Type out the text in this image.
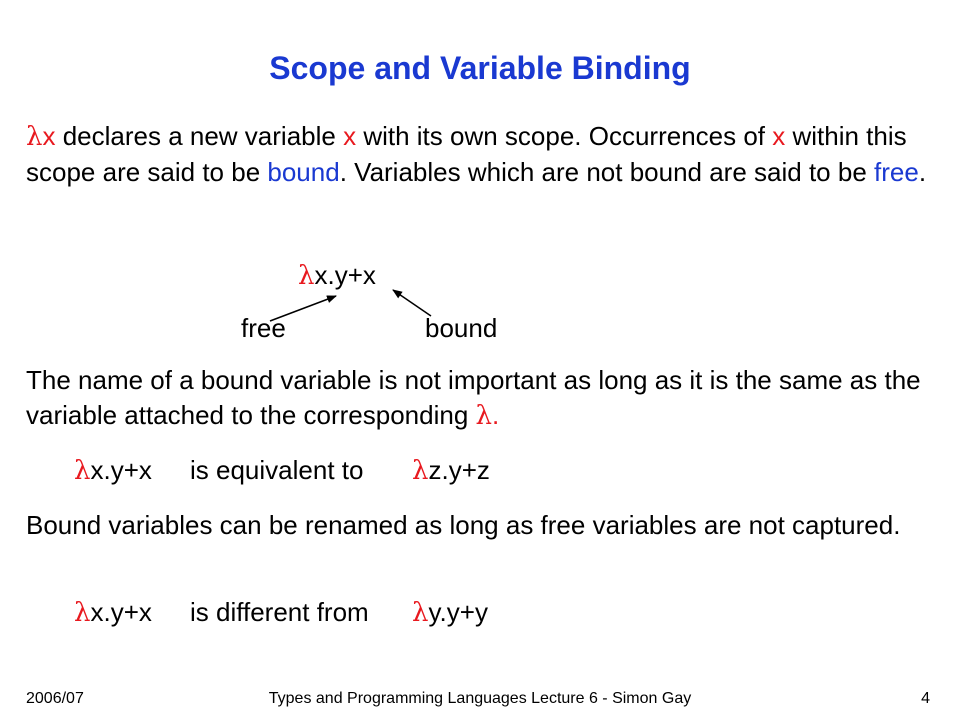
Scope and Variable Binding
λx declares a new variable x with its own scope. Occurrences of x within this scope are said to be bound. Variables which are not bound are said to be free.
λx.y+x
free	bound
The name of a bound variable is not important as long as it is the same as the variable attached to the corresponding λ.
λx.y+x is equivalent to λz.y+z
Bound variables can be renamed as long as free variables are not captured.
λx.y+x is different from λy.y+y
2006/07	Types and Programming Languages Lecture 6 - Simon Gay	4
